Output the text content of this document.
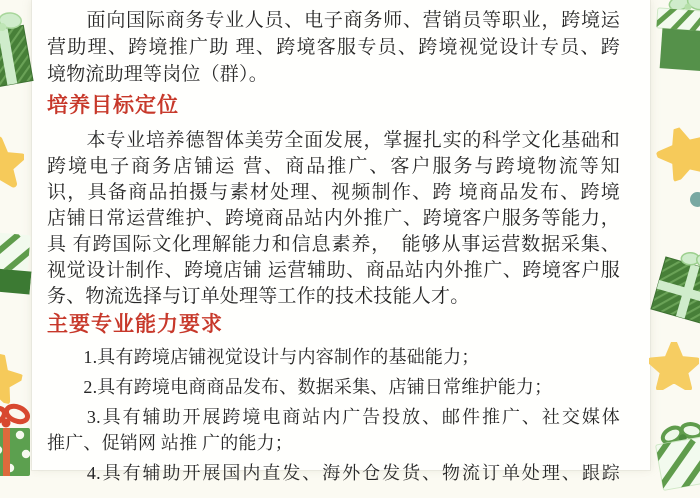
　　面向国际商务专业人员、电子商务师、营销员等职业，跨境运

营助理、跨境推广助 理、跨境客服专员、跨境视觉设计专员、跨

境物流助理等岗位（群）。

培养目标定位

　　本专业培养德智体美劳全面发展，掌握扎实的科学文化基础和

跨境电子商务店铺运 营、商品推广、客户服务与跨境物流等知

识，具备商品拍摄与素材处理、视频制作、跨 境商品发布、跨境

店铺日常运营维护、跨境商品站内外推广、跨境客户服务等能力，

具 有跨国际文化理解能力和信息素养，　能够从事运营数据采集、

视觉设计制作、跨境店铺 运营辅助、商品站内外推广、跨境客户服

务、物流选择与订单处理等工作的技术技能人才。

主要专业能力要求

　　1.具有跨境店铺视觉设计与内容制作的基础能力；

　　2.具有跨境电商商品发布、数据采集、店铺日常维护能力；

　　3.具有辅助开展跨境电商站内广告投放、邮件推广、社交媒体

推广、促销网 站推 广的能力；

　　4.具有辅助开展国内直发、海外仓发货、物流订单处理、跟踪
